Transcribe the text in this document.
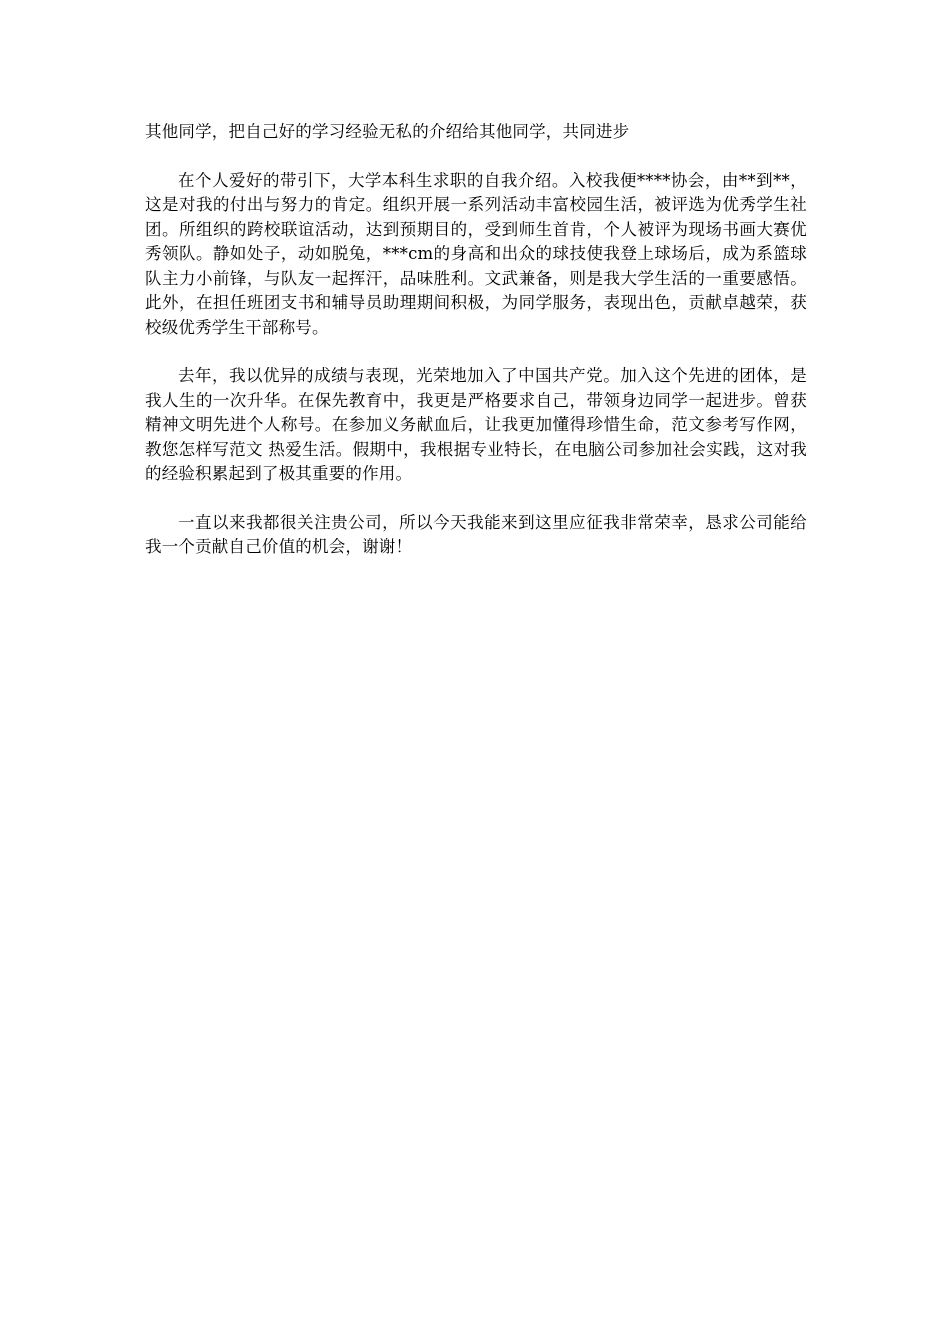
其他同学，把自己好的学习经验无私的介绍给其他同学，共同进步

在个人爱好的带引下，大学本科生求职的自我介绍。入校我便****协会，由**到**，这是对我的付出与努力的肯定。组织开展一系列活动丰富校园生活，被评选为优秀学生社团。所组织的跨校联谊活动，达到预期目的，受到师生首肯，个人被评为现场书画大赛优秀领队。静如处子，动如脱兔，***cm的身高和出众的球技使我登上球场后，成为系篮球队主力小前锋，与队友一起挥汗，品味胜利。文武兼备，则是我大学生活的一重要感悟。此外，在担任班团支书和辅导员助理期间积极，为同学服务，表现出色，贡献卓越荣，获校级优秀学生干部称号。

去年，我以优异的成绩与表现，光荣地加入了中国共产党。加入这个先进的团体，是我人生的一次升华。在保先教育中，我更是严格要求自己，带领身边同学一起进步。曾获精神文明先进个人称号。在参加义务献血后，让我更加懂得珍惜生命，范文参考写作网，教您怎样写范文 热爱生活。假期中，我根据专业特长，在电脑公司参加社会实践，这对我的经验积累起到了极其重要的作用。

一直以来我都很关注贵公司，所以今天我能来到这里应征我非常荣幸，恳求公司能给我一个贡献自己价值的机会，谢谢！
